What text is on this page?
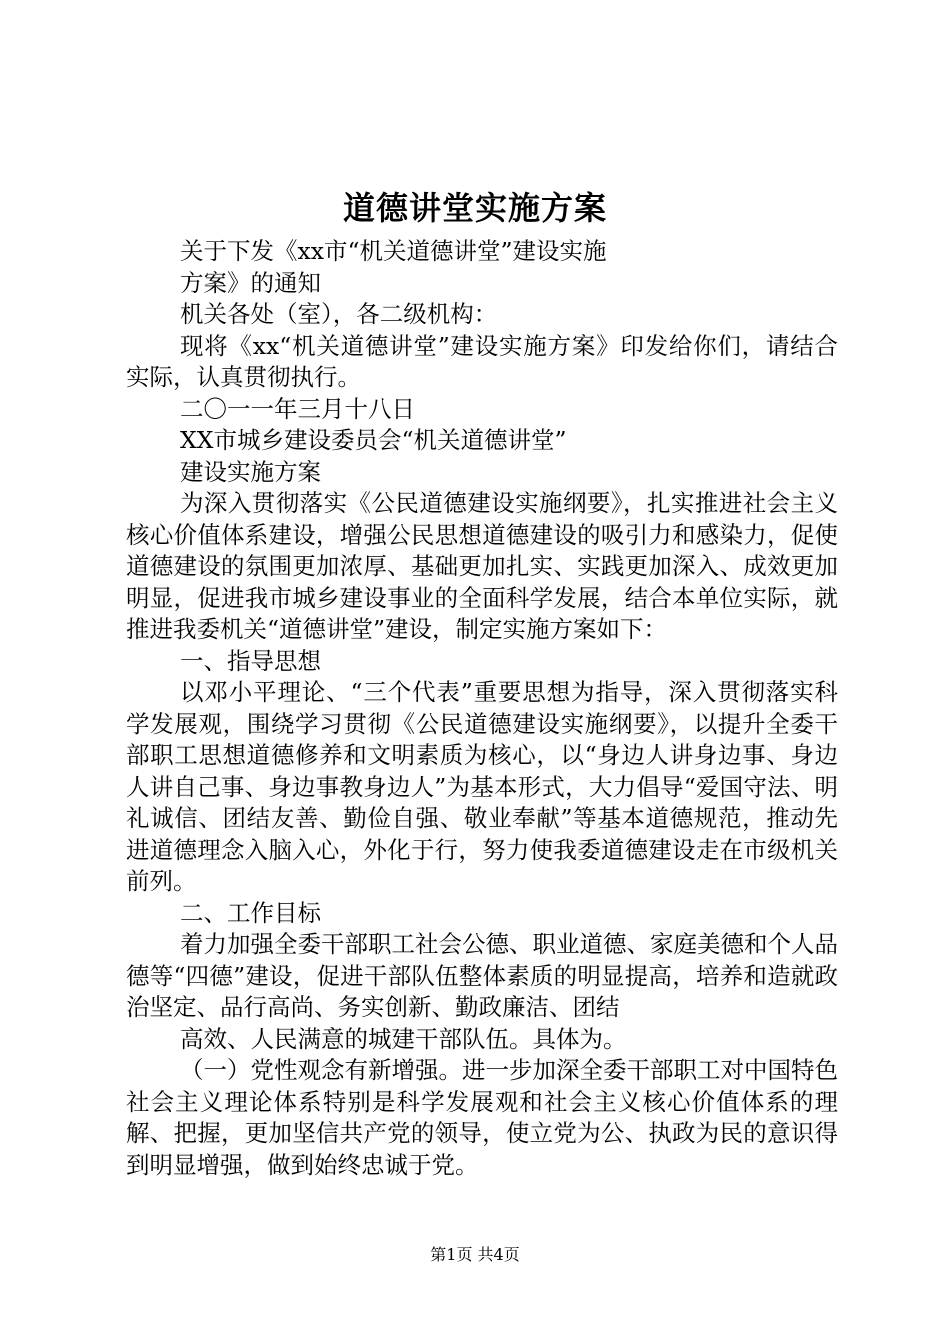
道德讲堂实施方案

关于下发《xx市“机关道德讲堂”建设实施

方案》的通知

机关各处（室），各二级机构：

现将《xx“机关道德讲堂”建设实施方案》印发给你们，请结合实际，认真贯彻执行。

二〇一一年三月十八日

XX市城乡建设委员会“机关道德讲堂”

建设实施方案

为深入贯彻落实《公民道德建设实施纲要》，扎实推进社会主义核心价值体系建设，增强公民思想道德建设的吸引力和感染力，促使道德建设的氛围更加浓厚、基础更加扎实、实践更加深入、成效更加明显，促进我市城乡建设事业的全面科学发展，结合本单位实际，就推进我委机关“道德讲堂”建设，制定实施方案如下：

一、指导思想

以邓小平理论、“三个代表”重要思想为指导，深入贯彻落实科学发展观，围绕学习贯彻《公民道德建设实施纲要》，以提升全委干部职工思想道德修养和文明素质为核心，以“身边人讲身边事、身边人讲自己事、身边事教身边人”为基本形式，大力倡导“爱国守法、明礼诚信、团结友善、勤俭自强、敬业奉献”等基本道德规范，推动先进道德理念入脑入心，外化于行，努力使我委道德建设走在市级机关前列。

二、工作目标

着力加强全委干部职工社会公德、职业道德、家庭美德和个人品德等“四德”建设，促进干部队伍整体素质的明显提高，培养和造就政治坚定、品行高尚、务实创新、勤政廉洁、团结

高效、人民满意的城建干部队伍。具体为。

（一）党性观念有新增强。进一步加深全委干部职工对中国特色社会主义理论体系特别是科学发展观和社会主义核心价值体系的理解、把握，更加坚信共产党的领导，使立党为公、执政为民的意识得到明显增强，做到始终忠诚于党。

第1页 共4页
